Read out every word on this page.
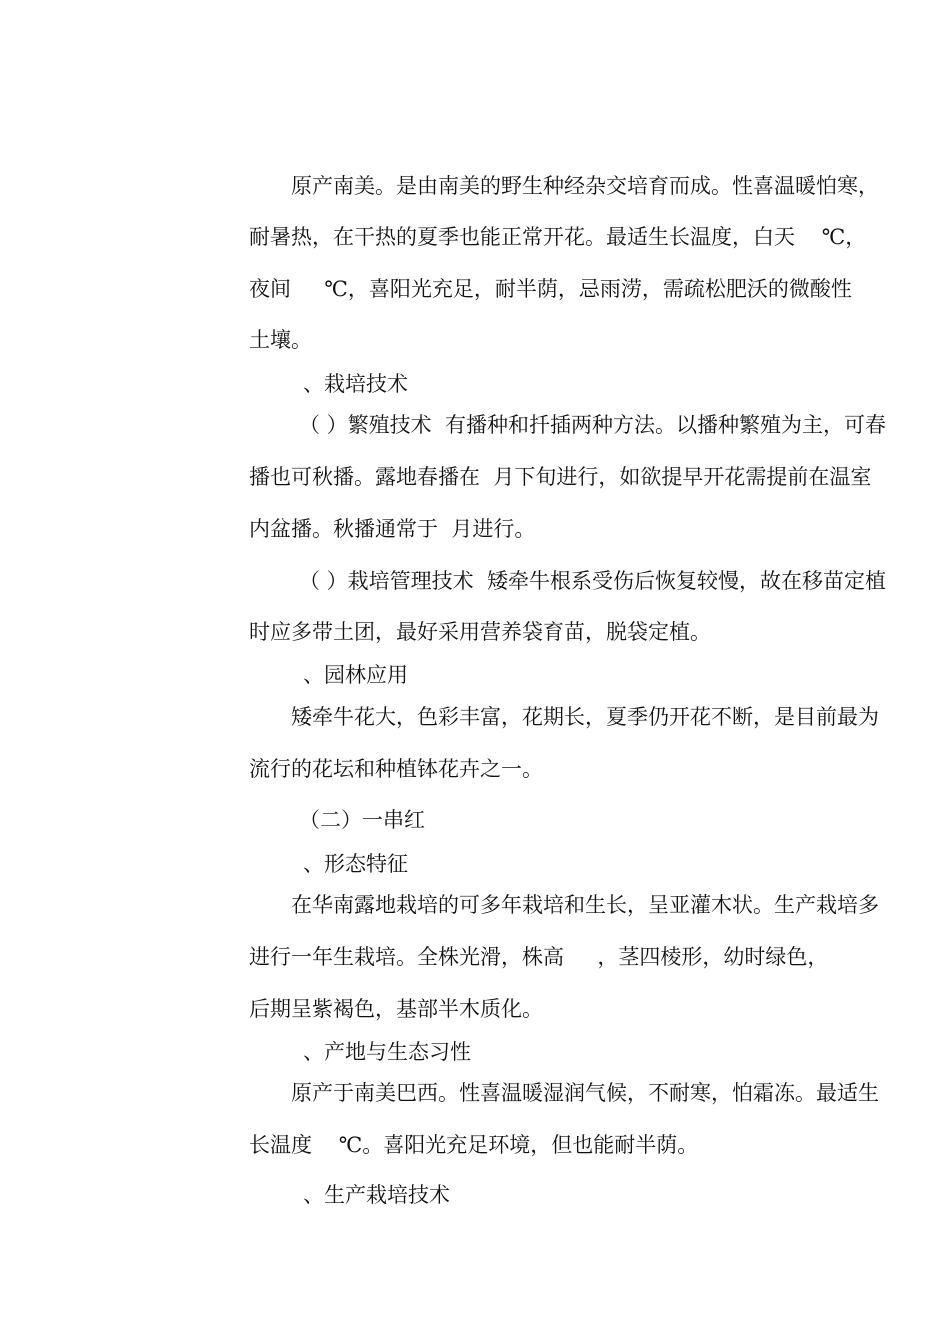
原产南美。是由南美的野生种经杂交培育而成。性喜温暖怕寒，

耐暑热，在干热的夏季也能正常开花。最适生长温度，白天    ℃，

夜间     ℃，喜阳光充足，耐半荫，忌雨涝，需疏松肥沃的微酸性

土壤。

、栽培技术

（ ）繁殖技术  有播种和扦插两种方法。以播种繁殖为主，可春

播也可秋播。露地春播在  月下旬进行，如欲提早开花需提前在温室

内盆播。秋播通常于  月进行。

（ ）栽培管理技术  矮牵牛根系受伤后恢复较慢，故在移苗定植

时应多带土团，最好采用营养袋育苗，脱袋定植。

、园林应用

矮牵牛花大，色彩丰富，花期长，夏季仍开花不断，是目前最为

流行的花坛和种植钵花卉之一。

（二）一串红

、形态特征

在华南露地栽培的可多年栽培和生长，呈亚灌木状。生产栽培多

进行一年生栽培。全株光滑，株高     ，茎四棱形，幼时绿色，

后期呈紫褐色，基部半木质化。

、产地与生态习性

原产于南美巴西。性喜温暖湿润气候，不耐寒，怕霜冻。最适生

长温度    ℃。喜阳光充足环境，但也能耐半荫。

、生产栽培技术
